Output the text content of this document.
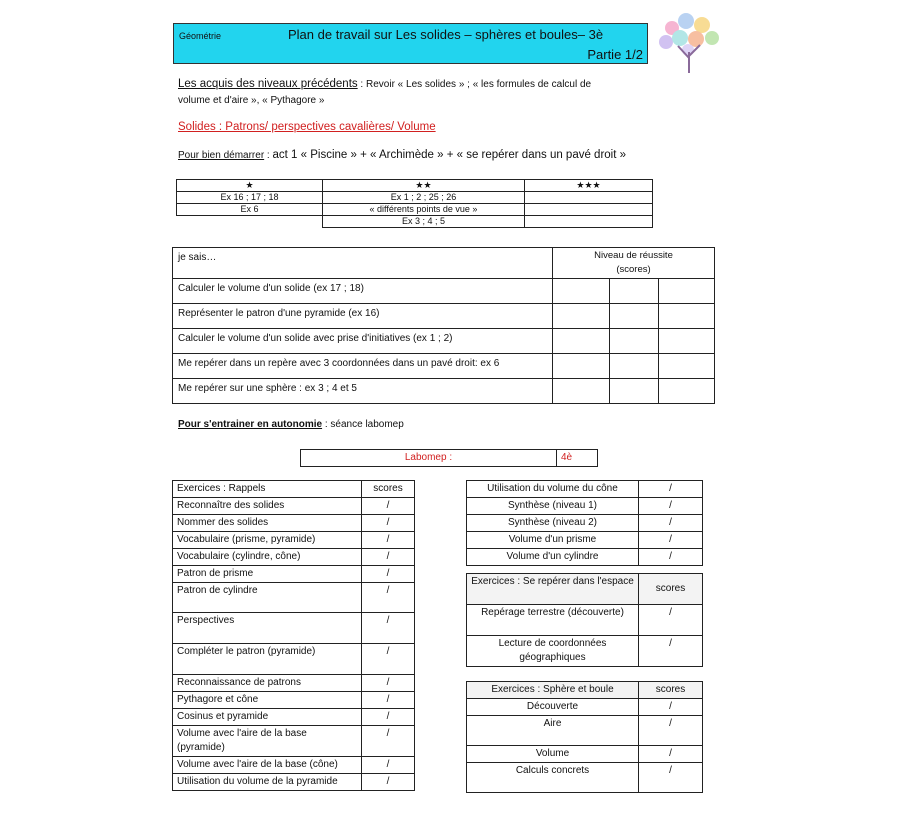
Géométrie	Plan de travail sur Les solides – sphères et boules– 3è
Partie 1/2
Les acquis des niveaux précédents : Revoir « Les solides » ; « les formules de calcul de
volume et d'aire », « Pythagore »
Solides : Patrons/ perspectives cavalières/ Volume
Pour bien démarrer : act 1 « Piscine » + « Archimède » + « se repérer dans un pavé droit »
★	★★	★★★
Ex 16 ; 17 ; 18	Ex 1 ; 2 ; 25 ; 26	
Ex 6	« différents points de vue »	
	Ex 3 ; 4 ; 5	
je sais…	Niveau de réussite
(scores)		

Calculer le volume d'un solide (ex 17 ; 18)			
Représenter le patron d'une pyramide (ex 16)			
Calculer le volume d'un solide avec prise d'initiatives (ex 1 ; 2)			
Me repérer dans un repère avec 3 coordonnées dans un pavé droit: ex 6			
Me repérer sur une sphère : ex 3 ; 4 et 5			
Pour s'entrainer en autonomie : séance labomep
Labomep :	4è
Exercices : Rappels	scores
Reconnaître des solides	/
Nommer des solides	/
Vocabulaire (prisme, pyramide)	/
Vocabulaire (cylindre, cône)	/
Patron de prisme	/
Patron de cylindre	/
Perspectives	/
Compléter le patron (pyramide)	/
Reconnaissance de patrons	/
Pythagore et cône	/
Cosinus et pyramide	/
Volume avec l'aire de la base (pyramide)	/
Volume avec l'aire de la base (cône)	/
Utilisation du volume de la pyramide	/
Utilisation du volume du cône	/
Synthèse (niveau 1)	/
Synthèse (niveau 2)	/
Volume d'un prisme	/
Volume d'un cylindre	/
Exercices : Se repérer dans l'espace	scores
Repérage terrestre (découverte)	/
Lecture de coordonnées géographiques	/
Exercices : Sphère et boule	scores
Découverte	/
Aire	/
Volume	/
Calculs concrets	/
